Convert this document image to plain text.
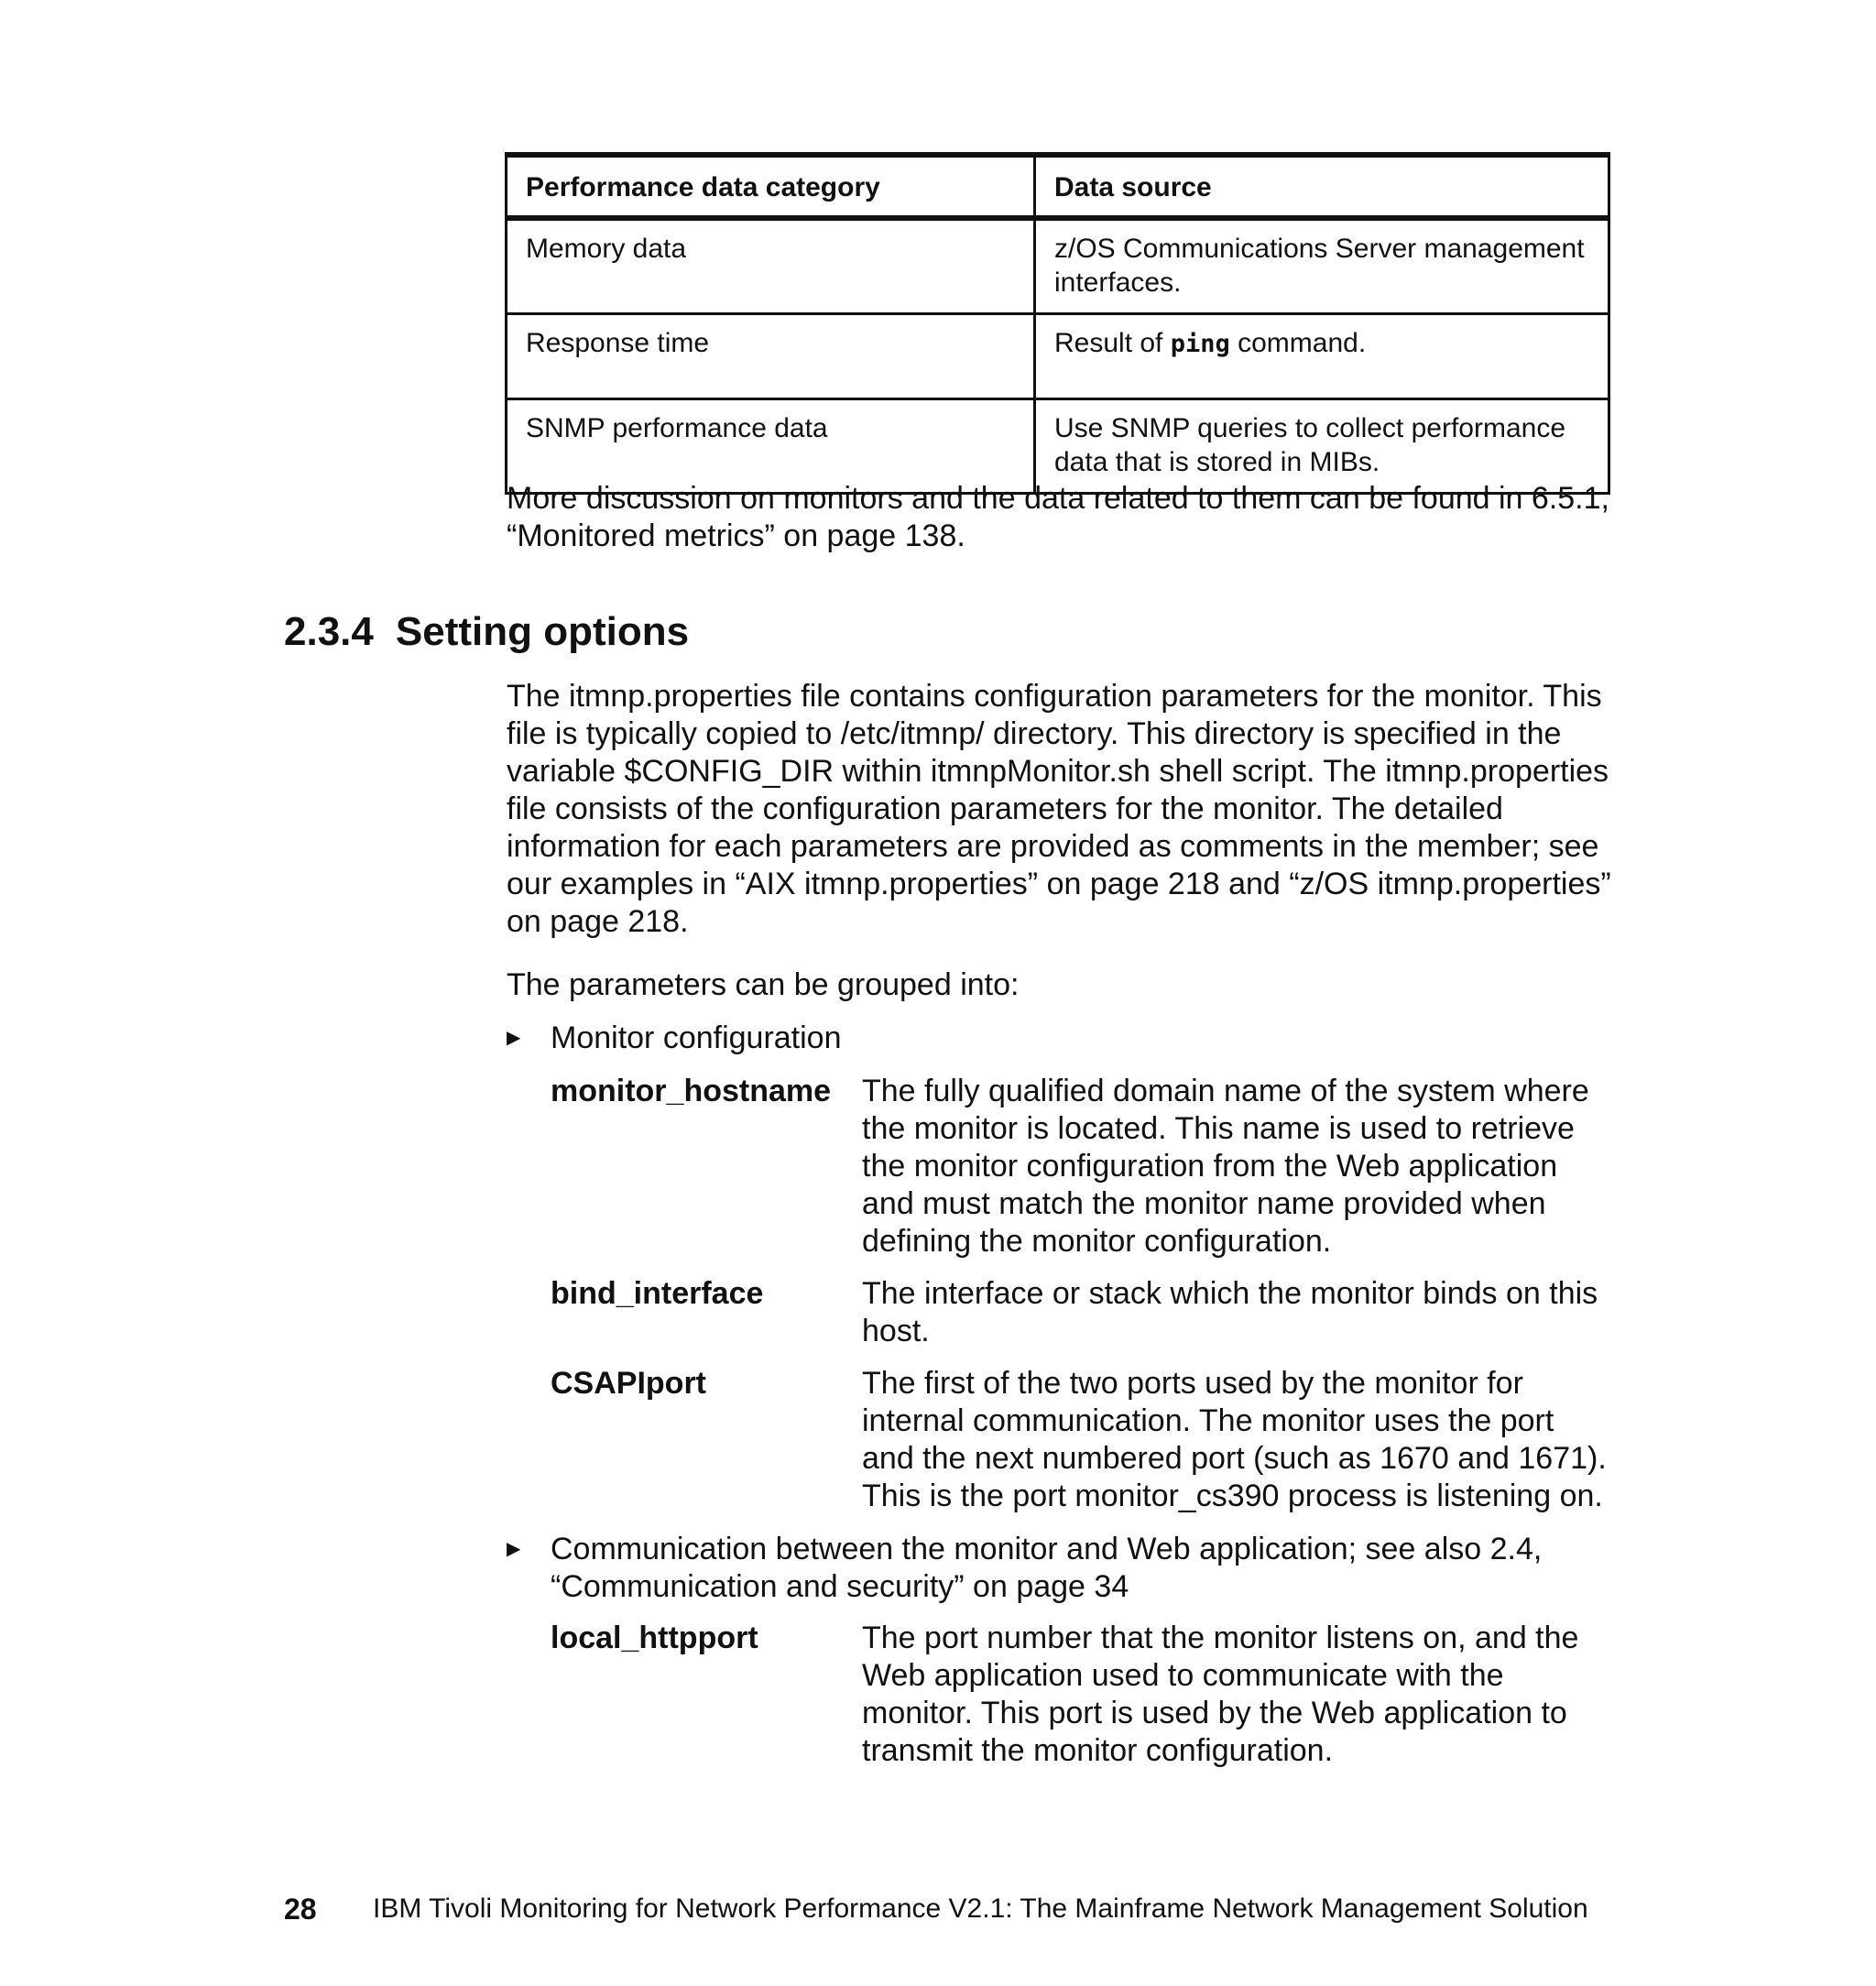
Performance data category	Data source
Memory data	z/OS Communications Server management interfaces.
Response time	Result of ping command.
SNMP performance data	Use SNMP queries to collect performance data that is stored in MIBs.

More discussion on monitors and the data related to them can be found in 6.5.1, “Monitored metrics” on page 138.

2.3.4 Setting options

The itmnp.properties file contains configuration parameters for the monitor. This file is typically copied to /etc/itmnp/ directory. This directory is specified in the variable $CONFIG_DIR within itmnpMonitor.sh shell script. The itmnp.properties file consists of the configuration parameters for the monitor. The detailed information for each parameters are provided as comments in the member; see our examples in “AIX itmnp.properties” on page 218 and “z/OS itmnp.properties” on page 218.

The parameters can be grouped into:

▶ Monitor configuration
monitor_hostname The fully qualified domain name of the system where the monitor is located. This name is used to retrieve the monitor configuration from the Web application and must match the monitor name provided when defining the monitor configuration.
bind_interface	The interface or stack which the monitor binds on this host.
CSAPIport	The first of the two ports used by the monitor for internal communication. The monitor uses the port and the next numbered port (such as 1670 and 1671). This is the port monitor_cs390 process is listening on.
▶ Communication between the monitor and Web application; see also 2.4, “Communication and security” on page 34
local_httpport	The port number that the monitor listens on, and the Web application used to communicate with the monitor. This port is used by the Web application to transmit the monitor configuration.
28 IBM Tivoli Monitoring for Network Performance V2.1: The Mainframe Network Management Solution
